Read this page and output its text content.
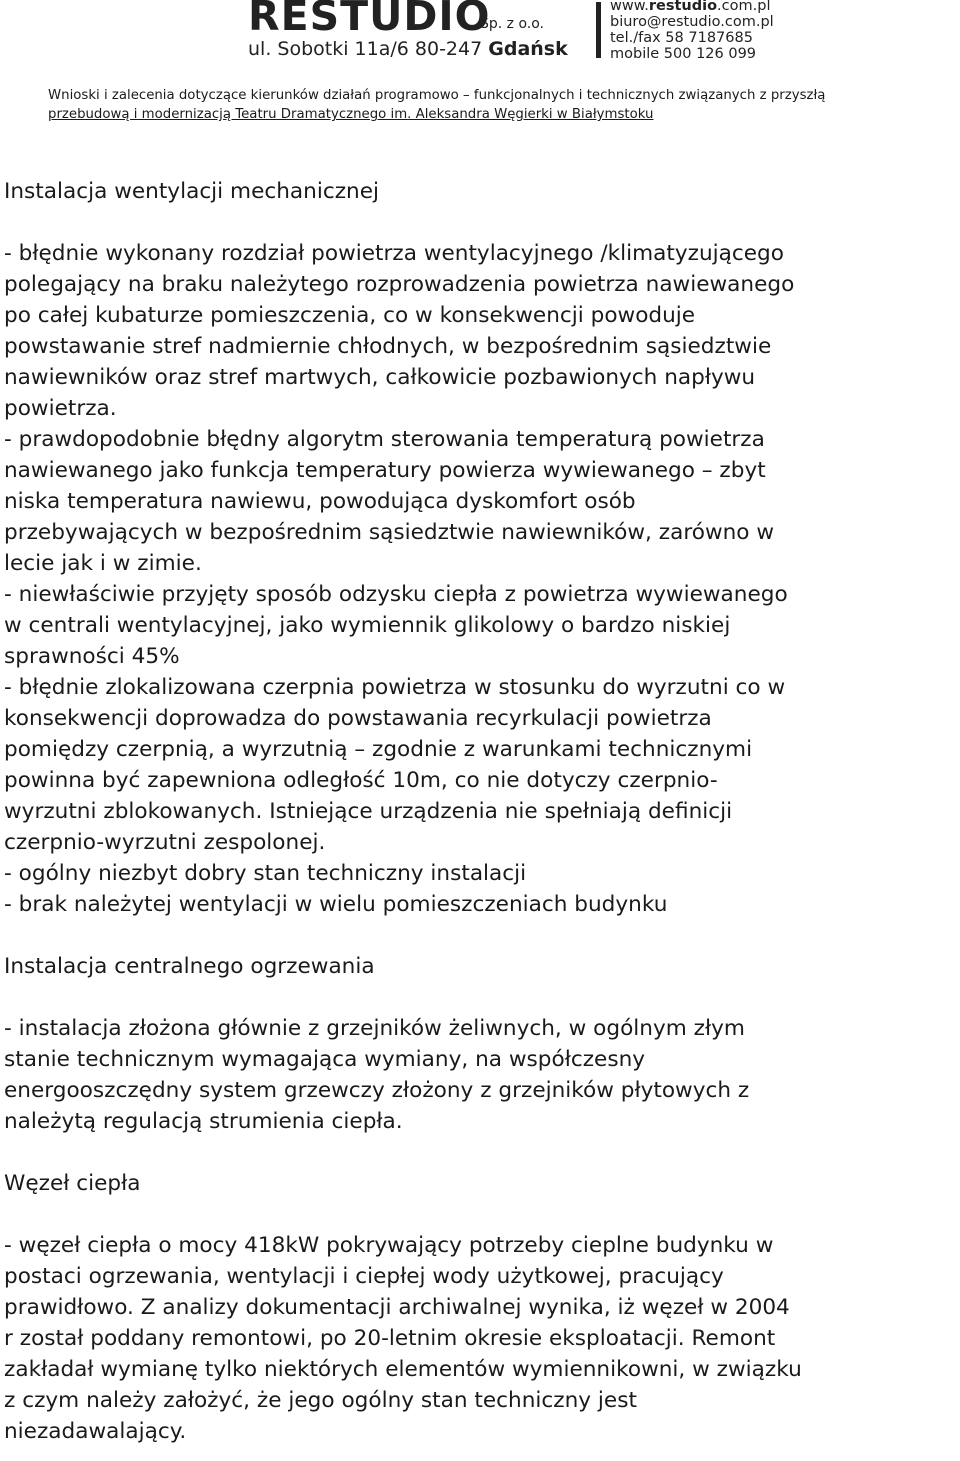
RESTUDIO
Sp. z o.o.
ul. Sobotki 11a/6 80-247 Gdańsk
www.restudio.com.pl
biuro@restudio.com.pl
tel./fax 58 7187685
mobile 500 126 099
Wnioski i zalecenia dotyczące kierunków działań programowo – funkcjonalnych i technicznych związanych z przyszłą
przebudową i modernizacją Teatru Dramatycznego im. Aleksandra Węgierki w Białymstoku
Instalacja wentylacji mechanicznej

- błędnie wykonany rozdział powietrza wentylacyjnego /klimatyzującego
polegający na braku należytego rozprowadzenia powietrza nawiewanego
po całej kubaturze pomieszczenia, co w konsekwencji powoduje
powstawanie stref nadmiernie chłodnych, w bezpośrednim sąsiedztwie
nawiewników oraz stref martwych, całkowicie pozbawionych napływu
powietrza.
- prawdopodobnie błędny algorytm sterowania temperaturą powietrza
nawiewanego jako funkcja temperatury powierza wywiewanego – zbyt
niska temperatura nawiewu, powodująca dyskomfort osób
przebywających w bezpośrednim sąsiedztwie nawiewników, zarówno w
lecie jak i w zimie.
- niewłaściwie przyjęty sposób odzysku ciepła z powietrza wywiewanego
w centrali wentylacyjnej, jako wymiennik glikolowy o bardzo niskiej
sprawności 45%
- błędnie zlokalizowana czerpnia powietrza w stosunku do wyrzutni co w
konsekwencji doprowadza do powstawania recyrkulacji powietrza
pomiędzy czerpnią, a wyrzutnią – zgodnie z warunkami technicznymi
powinna być zapewniona odległość 10m, co nie dotyczy czerpnio-
wyrzutni zblokowanych. Istniejące urządzenia nie spełniają definicji
czerpnio-wyrzutni zespolonej.
- ogólny niezbyt dobry stan techniczny instalacji
- brak należytej wentylacji w wielu pomieszczeniach budynku

Instalacja centralnego ogrzewania

- instalacja złożona głównie z grzejników żeliwnych, w ogólnym złym
stanie technicznym wymagająca wymiany, na współczesny
energooszczędny system grzewczy złożony z grzejników płytowych z
należytą regulacją strumienia ciepła.

Węzeł ciepła

- węzeł ciepła o mocy 418kW pokrywający potrzeby cieplne budynku w
postaci ogrzewania, wentylacji i ciepłej wody użytkowej, pracujący
prawidłowo. Z analizy dokumentacji archiwalnej wynika, iż węzeł w 2004
r został poddany remontowi, po 20-letnim okresie eksploatacji. Remont
zakładał wymianę tylko niektórych elementów wymiennikowni, w związku
z czym należy założyć, że jego ogólny stan techniczny jest
niezadawalający.
